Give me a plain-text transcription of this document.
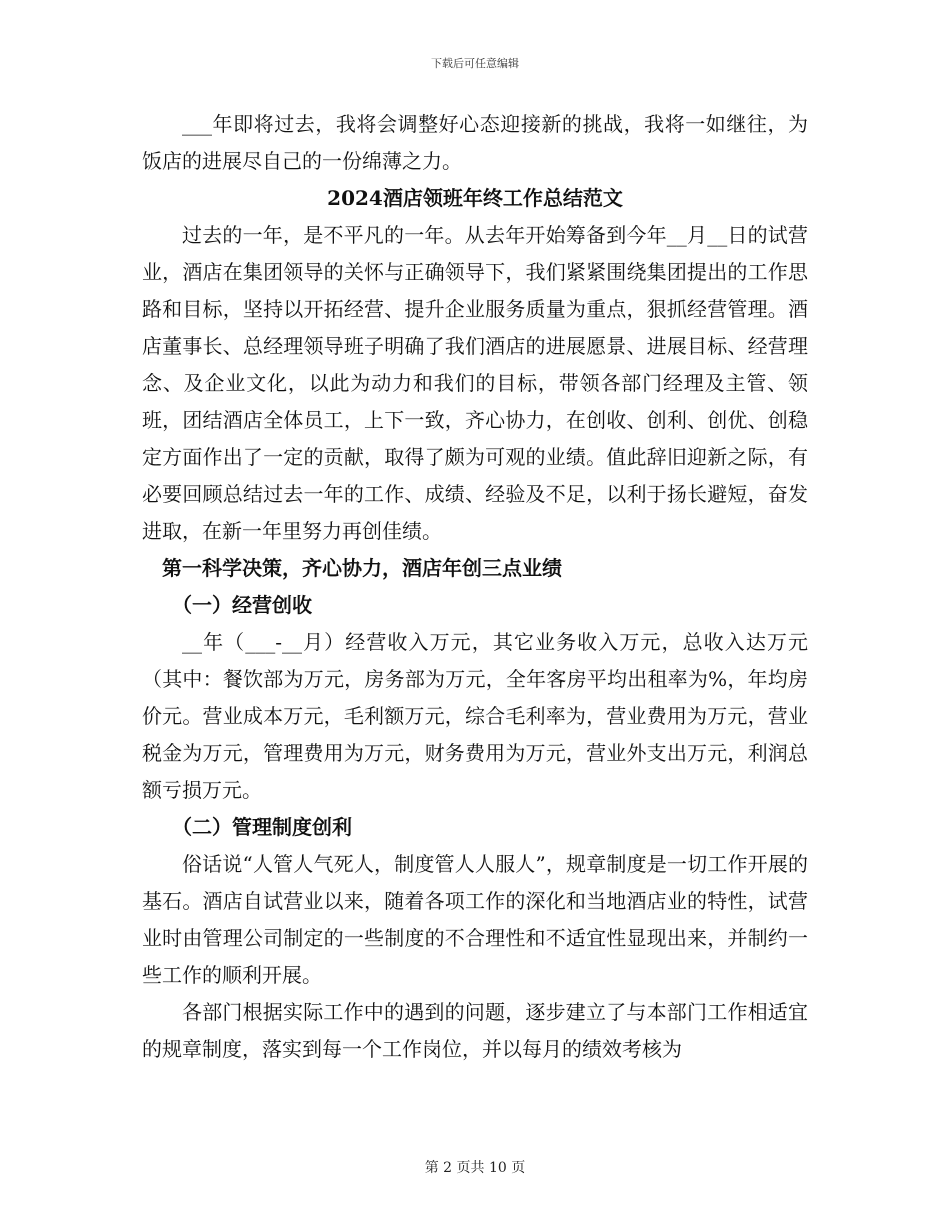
下载后可任意编辑

___年即将过去，我将会调整好心态迎接新的挑战，我将一如继往，为饭店的进展尽自己的一份绵薄之力。

2024酒店领班年终工作总结范文

过去的一年，是不平凡的一年。从去年开始筹备到今年__月__日的试营业，酒店在集团领导的关怀与正确领导下，我们紧紧围绕集团提出的工作思路和目标，坚持以开拓经营、提升企业服务质量为重点，狠抓经营管理。酒店董事长、总经理领导班子明确了我们酒店的进展愿景、进展目标、经营理念、及企业文化，以此为动力和我们的目标，带领各部门经理及主管、领班，团结酒店全体员工，上下一致，齐心协力，在创收、创利、创优、创稳定方面作出了一定的贡献，取得了颇为可观的业绩。值此辞旧迎新之际，有必要回顾总结过去一年的工作、成绩、经验及不足，以利于扬长避短，奋发进取，在新一年里努力再创佳绩。

第一科学决策，齐心协力，酒店年创三点业绩

（一）经营创收

__年（___-__月）经营收入万元，其它业务收入万元，总收入达万元（其中：餐饮部为万元，房务部为万元，全年客房平均出租率为%，年均房价元。营业成本万元，毛利额万元，综合毛利率为，营业费用为万元，营业税金为万元，管理费用为万元，财务费用为万元，营业外支出万元，利润总额亏损万元。

（二）管理制度创利

俗话说“人管人气死人，制度管人人服人”，规章制度是一切工作开展的基石。酒店自试营业以来，随着各项工作的深化和当地酒店业的特性，试营业时由管理公司制定的一些制度的不合理性和不适宜性显现出来，并制约一些工作的顺利开展。

各部门根据实际工作中的遇到的问题，逐步建立了与本部门工作相适宜的规章制度，落实到每一个工作岗位，并以每月的绩效考核为

第 2 页共 10 页
